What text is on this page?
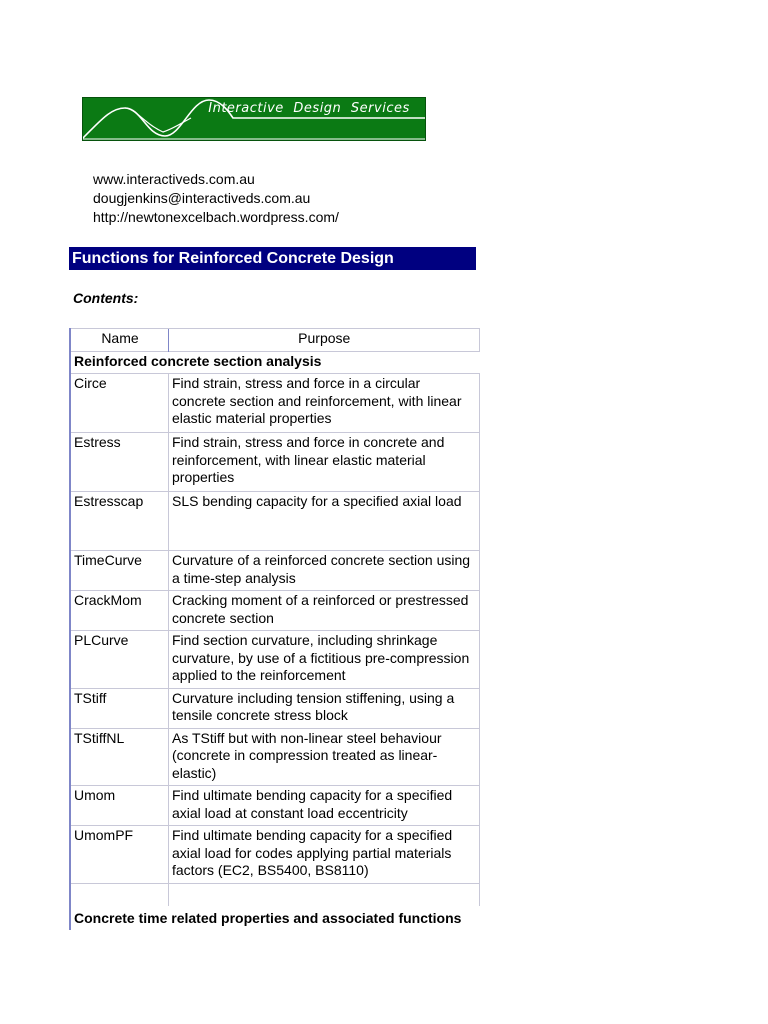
Interactive Design Services
www.interactiveds.com.au
dougjenkins@interactiveds.com.au
http://newtonexcelbach.wordpress.com/
Functions for Reinforced Concrete Design
Contents:
Name	Purpose

Reinforced concrete section analysis	

Circe	Find strain, stress and force in a circular concrete section and reinforcement, with linear elastic material properties
Estress	Find strain, stress and force in concrete and reinforcement, with linear elastic material properties
Estresscap	SLS bending capacity for a specified axial load
TimeCurve	Curvature of a reinforced concrete section using a time-step analysis
CrackMom	Cracking moment of a reinforced or prestressed concrete section
PLCurve	Find section curvature, including shrinkage curvature, by use of a fictitious pre-compression applied to the reinforcement
TStiff	Curvature including tension stiffening, using a tensile concrete stress block
TStiffNL	As TStiff but with non-linear steel behaviour (concrete in compression treated as linear-elastic)
Umom	Find ultimate bending capacity for a specified axial load at constant load eccentricity
UmomPF	Find ultimate bending capacity for a specified axial load for codes applying partial materials factors (EC2, BS5400, BS8110)

Concrete time related properties and associated functions	
